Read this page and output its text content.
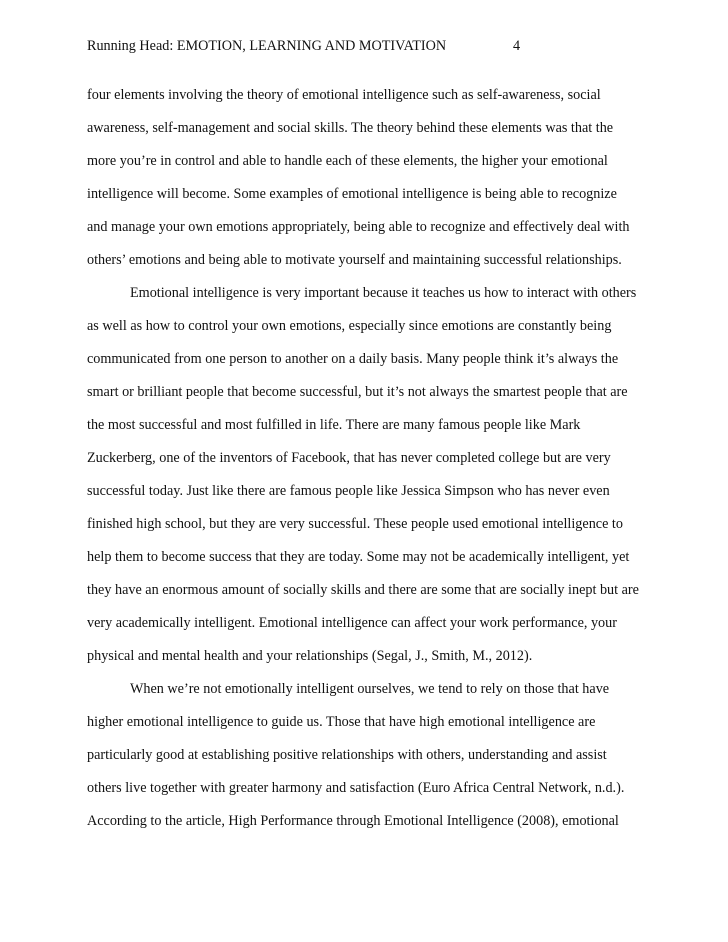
Running Head: EMOTION, LEARNING AND MOTIVATION	4
four elements involving the theory of emotional intelligence such as self-awareness, social
awareness, self-management and social skills. The theory behind these elements was that the
more you’re in control and able to handle each of these elements, the higher your emotional
intelligence will become. Some examples of emotional intelligence is being able to recognize
and manage your own emotions appropriately, being able to recognize and effectively deal with
others’ emotions and being able to motivate yourself and maintaining successful relationships.
Emotional intelligence is very important because it teaches us how to interact with others
as well as how to control your own emotions, especially since emotions are constantly being
communicated from one person to another on a daily basis. Many people think it’s always the
smart or brilliant people that become successful, but it’s not always the smartest people that are
the most successful and most fulfilled in life. There are many famous people like Mark
Zuckerberg, one of the inventors of Facebook, that has never completed college but are very
successful today. Just like there are famous people like Jessica Simpson who has never even
finished high school, but they are very successful. These people used emotional intelligence to
help them to become success that they are today. Some may not be academically intelligent, yet
they have an enormous amount of socially skills and there are some that are socially inept but are
very academically intelligent. Emotional intelligence can affect your work performance, your
physical and mental health and your relationships (Segal, J., Smith, M., 2012).
When we’re not emotionally intelligent ourselves, we tend to rely on those that have
higher emotional intelligence to guide us. Those that have high emotional intelligence are
particularly good at establishing positive relationships with others, understanding and assist
others live together with greater harmony and satisfaction (Euro Africa Central Network, n.d.).
According to the article, High Performance through Emotional Intelligence (2008), emotional
